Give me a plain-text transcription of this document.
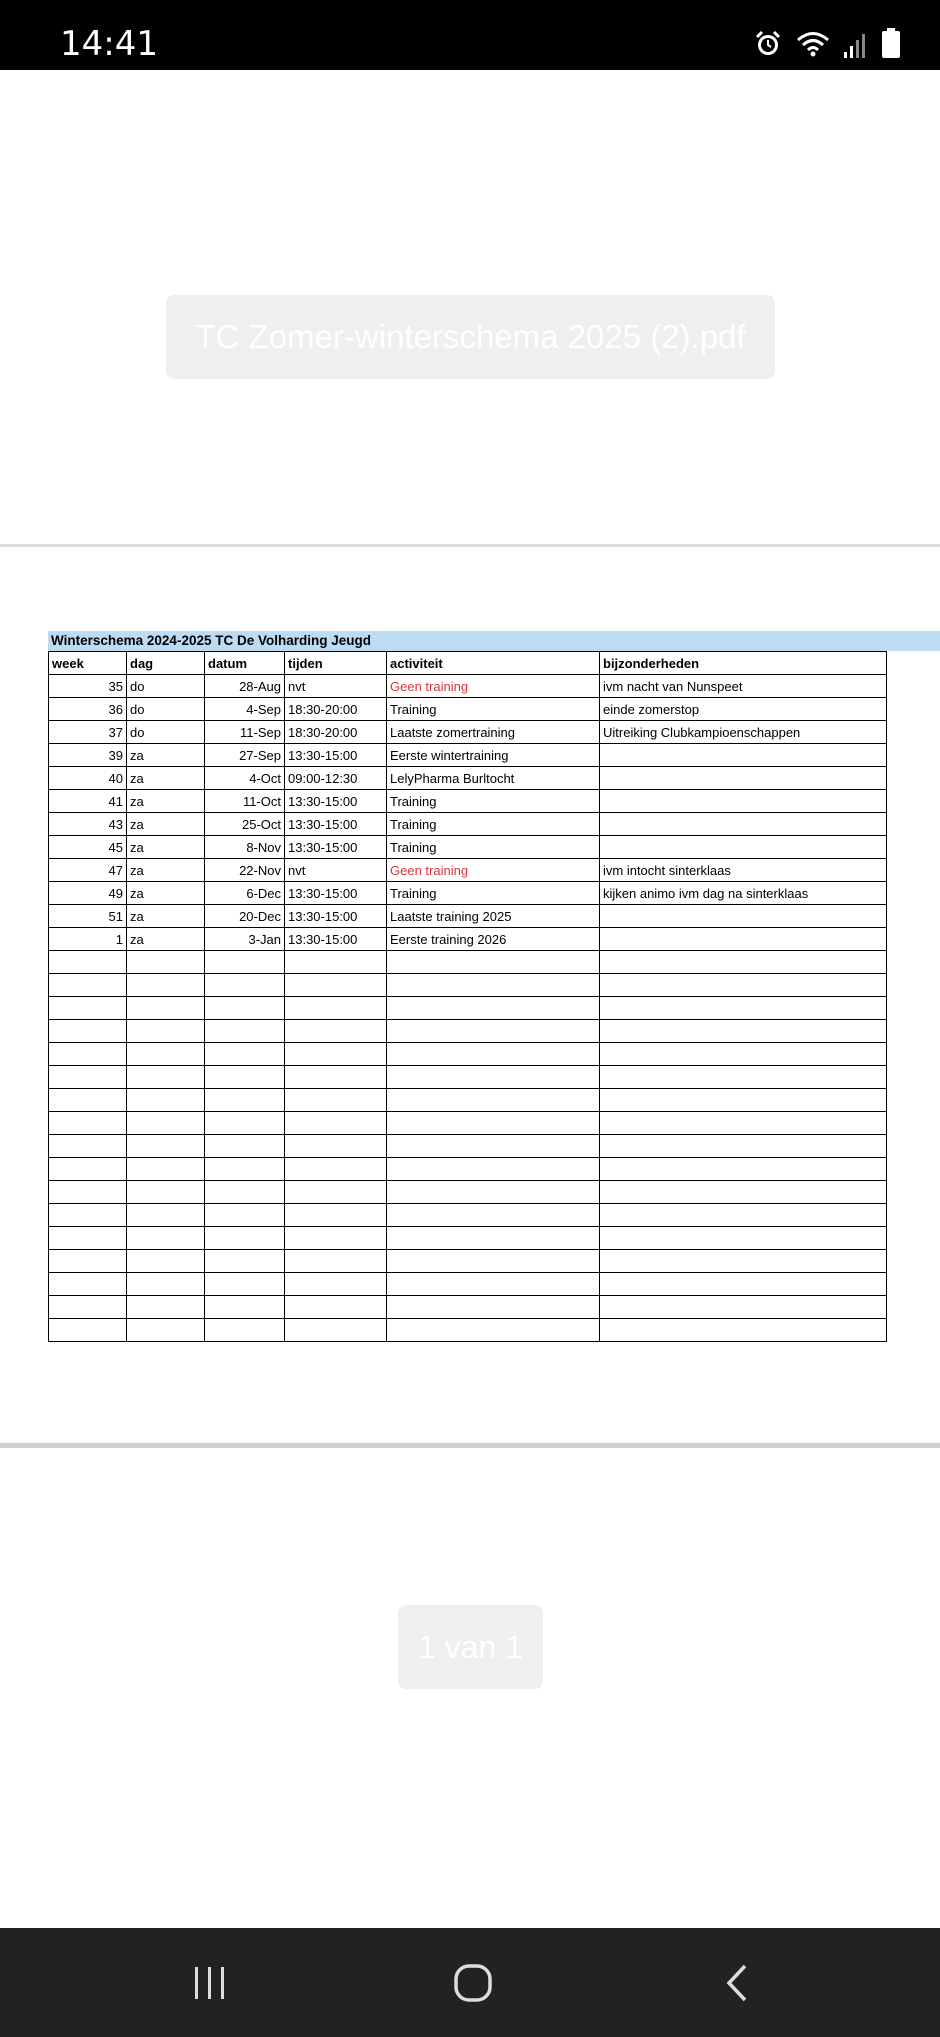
14:41
TC Zomer-winterschema 2025 (2).pdf
Winterschema 2024-2025 TC De Volharding Jeugd
week	dag	datum	tijden	activiteit	bijzonderheden
35	do	28-Aug	nvt	Geen training	ivm nacht van Nunspeet
36	do	4-Sep	18:30-20:00	Training	einde zomerstop
37	do	11-Sep	18:30-20:00	Laatste zomertraining	Uitreiking Clubkampioenschappen
39	za	27-Sep	13:30-15:00	Eerste wintertraining	
40	za	4-Oct	09:00-12:30	LelyPharma Burltocht	
41	za	11-Oct	13:30-15:00	Training	
43	za	25-Oct	13:30-15:00	Training	
45	za	8-Nov	13:30-15:00	Training	
47	za	22-Nov	nvt	Geen training	ivm intocht sinterklaas
49	za	6-Dec	13:30-15:00	Training	kijken animo ivm dag na sinterklaas
51	za	20-Dec	13:30-15:00	Laatste training 2025	
1	za	3-Jan	13:30-15:00	Eerste training 2026	

1 van 1
